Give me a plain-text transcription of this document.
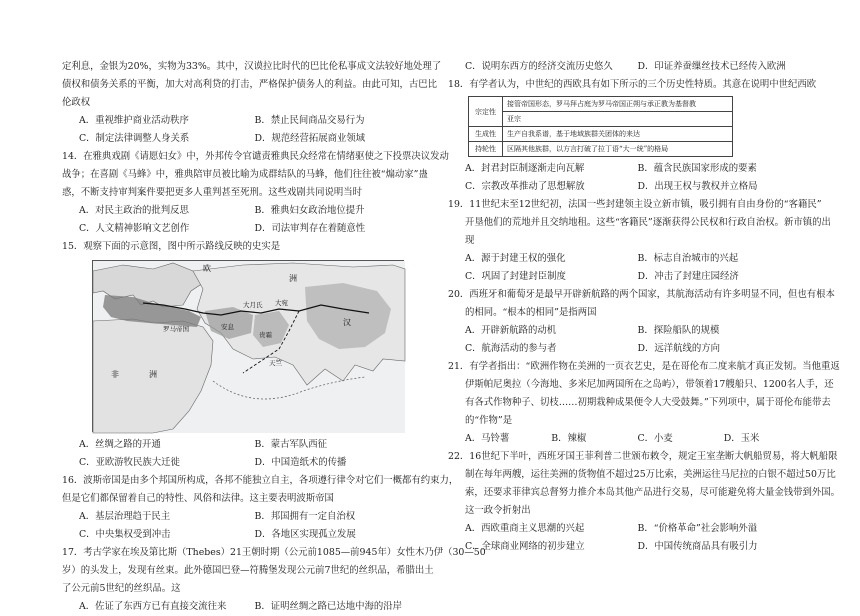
定利息，金银为20%，实物为33%。其中，汉谟拉比时代的巴比伦私事成文法较好地处理了
债权和债务关系的平衡，加大对高利贷的打击，严格保护债务人的利益。由此可知，古巴比
伦政权
A．重视维护商业活动秩序	B．禁止民间商品交易行为
C．制定法律调整人身关系	D．规范经营拓展商业领域
14．在雅典戏剧《请愿妇女》中，外邦传令官谴责雅典民众经常在情绪驱使之下投票决议发动
战争；在喜剧《马蜂》中，雅典陪审员被比喻为成群结队的马蜂，他们往往被“煽动家”蛊
惑，不断支持审判案件要把更多人重判甚至死刑。这些戏剧共同说明当时
A．对民主政治的批判反思	B．雅典妇女政治地位提升
C．人文精神影响文艺创作	D．司法审判存在着随意性
15．观察下面的示意图，图中所示路线反映的史实是
欧
洲
非	洲
罗马帝国	安息
贵霜
汉
大宛
大月氏
天竺
A．丝绸之路的开通	B．蒙古军队西征
C．亚欧游牧民族大迁徙	D．中国造纸术的传播
16．波斯帝国是由多个邦国所构成，各邦不能独立自主，各项遵行律令对它们一概都有约束力，
但是它们都保留着自己的特性、风俗和法律。这主要表明波斯帝国
A．基层治理趋于民主	B．邦国拥有一定自治权
C．中央集权受到冲击	D．各地区实现孤立发展
17．考古学家在埃及第比斯（Thebes）21王朝时期（公元前1085—前945年）女性木乃伊（30—50
岁）的头发上，发现有丝束。此外德国巴登—符腾堡发现公元前7世纪的丝织品，希腊出土
了公元前5世纪的丝织品。这
A．佐证了东西方已有直接交流往来	B．证明丝绸之路已达地中海的沿岸
C．说明东西方的经济交流历史悠久	D．印证养蚕缫丝技术已经传入欧洲
18．有学者认为，中世纪的西欧具有如下所示的三个历史性特质。其意在说明中世纪西欧
宗定性	接管帝国形态，罗马拜占庭为罗马帝国正朔与承正教为基督教
	亚宗
生成性	生产自我系谱，基于地域族群关团体的来达
持轮性	区隔其他族群，以方言打破了拉丁语“大一统”的格局
A．封君封臣制逐渐走向瓦解	B．蕴含民族国家形成的要素
C．宗教改革推动了思想解放	D．出现王权与教权并立格局
19．11世纪末至12世纪初，法国一些封建领主设立新市镇，吸引拥有自由身份的“客籍民”
开垦他们的荒地并且交纳地租。这些“客籍民”逐渐获得公民权和行政自治权。新市镇的出
现
A．源于封建王权的强化	B．标志自治城市的兴起
C．巩固了封建封臣制度	D．冲击了封建庄园经济
20．西班牙和葡萄牙是最早开辟新航路的两个国家，其航海活动有许多明显不同，但也有根本
的相同。“根本的相同”是指两国
A．开辟新航路的动机	B．探险船队的规模
C．航海活动的参与者	D．远洋航线的方向
21．有学者指出：“欧洲作物在美洲的一页衣艺史，是在哥伦布二度来航才真正发韧。当他重返
伊斯帕尼奥拉（今海地、多米尼加两国所在之岛屿），带领着17艘船只、1200名人手，还
有各式作物种子、切枝……初期栽种成果便令人大受鼓舞。”下列项中，属于哥伦布能带去
的“作物”是
A．马铃薯	B．辣椒	C．小麦	D．玉米
22．16世纪下半叶，西班牙国王菲利普二世颁布敕令，规定王室垄断大帆船贸易，将大帆船限
制在每年两艘，运往美洲的货物值不超过25万比索，美洲运往马尼拉的白银不超过50万比
索，还要求菲律宾总督努力推介本岛其他产品进行交易，尽可能避免将大量金钱带到外国。
这一政令折射出
A．西欧重商主义思潮的兴起	B．“价格革命”社会影响外溢
C．全球商业网络的初步建立	D．中国传统商品具有吸引力
